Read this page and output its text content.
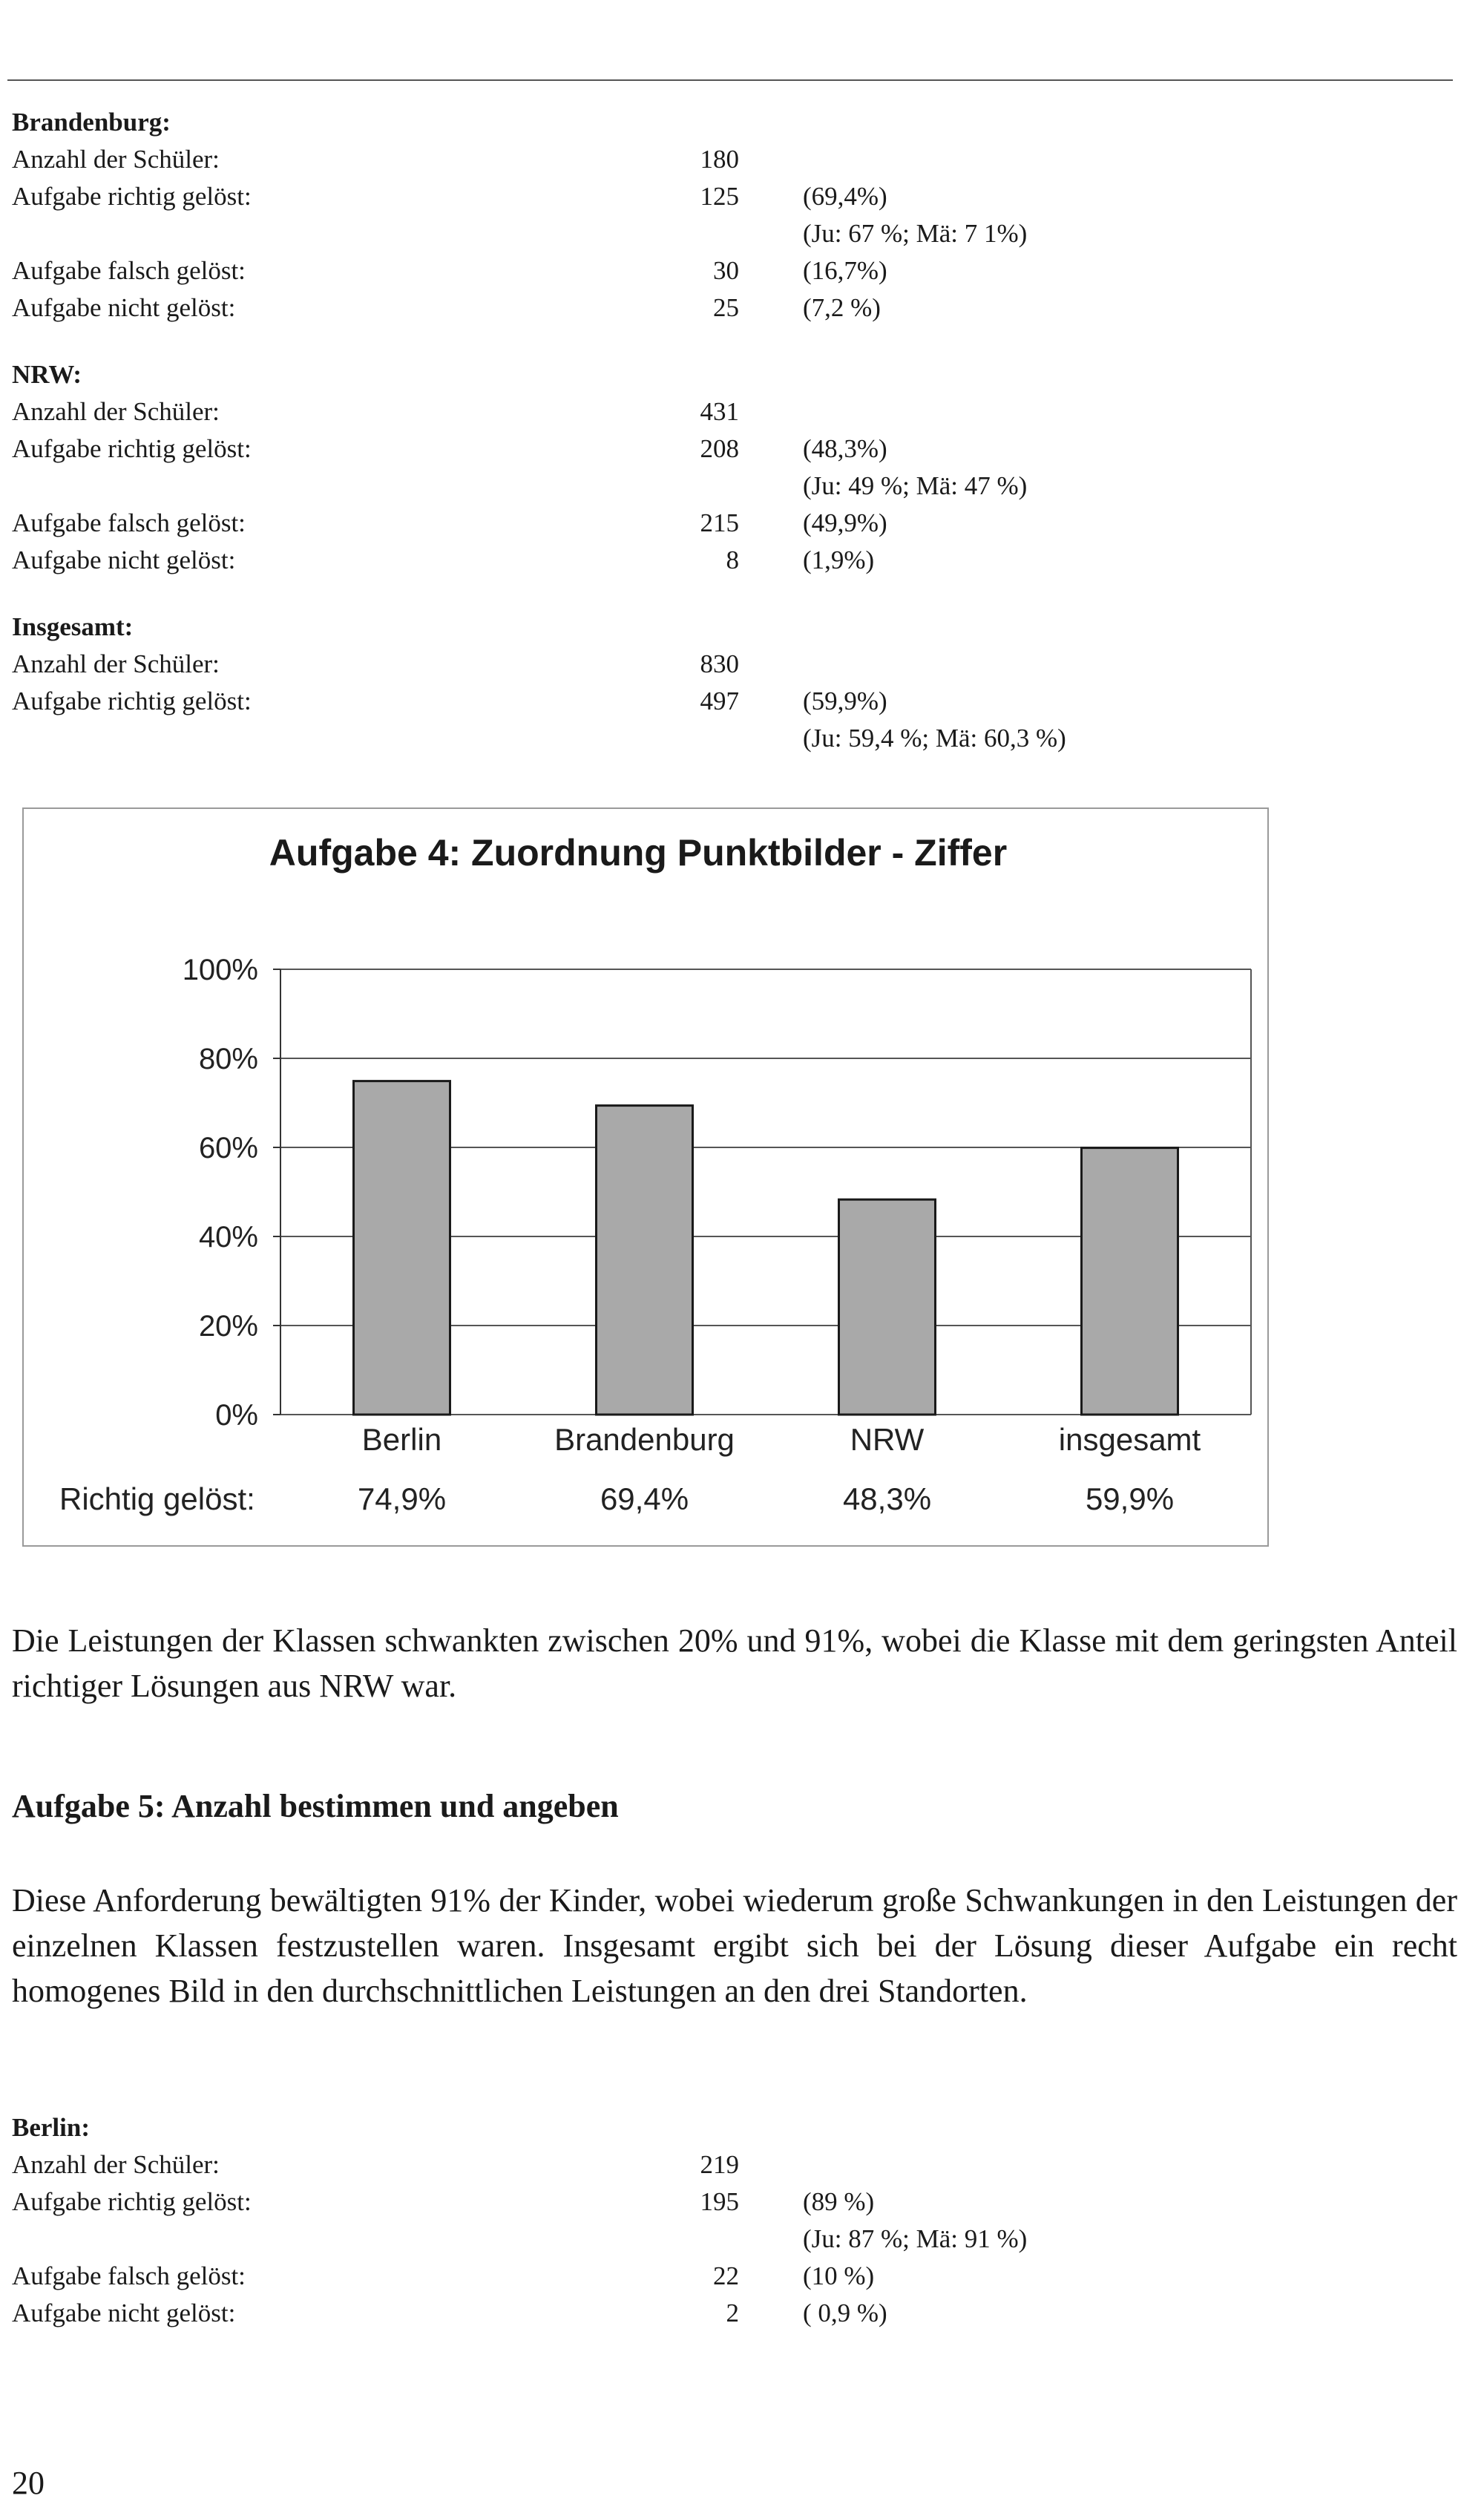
Brandenburg:
Anzahl der Schüler:	180
Aufgabe richtig gelöst:	125 (69,4%)
(Ju: 67 %; Mä: 7 1%)
Aufgabe falsch gelöst:	30 (16,7%)
Aufgabe nicht gelöst:	25 (7,2 %)
NRW:
Anzahl der Schüler:	431
Aufgabe richtig gelöst:	208 (48,3%)
(Ju: 49 %; Mä: 47 %)
Aufgabe falsch gelöst:	215 (49,9%)
Aufgabe nicht gelöst:	8 (1,9%)
Insgesamt:
Anzahl der Schüler:	830
Aufgabe richtig gelöst:	497 (59,9%)
(Ju: 59,4 %; Mä: 60,3 %)
Aufgabe 4: Zuordnung Punktbilder - Ziffer
0%
20%
40%
60%
80%
100%
Berlin
74,9%
Brandenburg
69,4%
NRW
48,3%
insgesamt
59,9%
Richtig gelöst:
Die Leistungen der Klassen schwankten zwischen 20% und 91%, wobei die Klasse mit dem geringsten Anteil richtiger Lösungen aus NRW war.
Aufgabe 5: Anzahl bestimmen und angeben
Diese Anforderung bewältigten 91% der Kinder, wobei wiederum große Schwankungen in den Leistungen der einzelnen Klassen festzustellen waren. Insgesamt ergibt sich bei der Lösung dieser Aufgabe ein recht homogenes Bild in den durchschnittlichen Leistungen an den drei Standorten.
Berlin:
Anzahl der Schüler:	219
Aufgabe richtig gelöst:	195 (89 %)
(Ju: 87 %; Mä: 91 %)
Aufgabe falsch gelöst:	22 (10 %)
Aufgabe nicht gelöst:	2 ( 0,9 %)
20
